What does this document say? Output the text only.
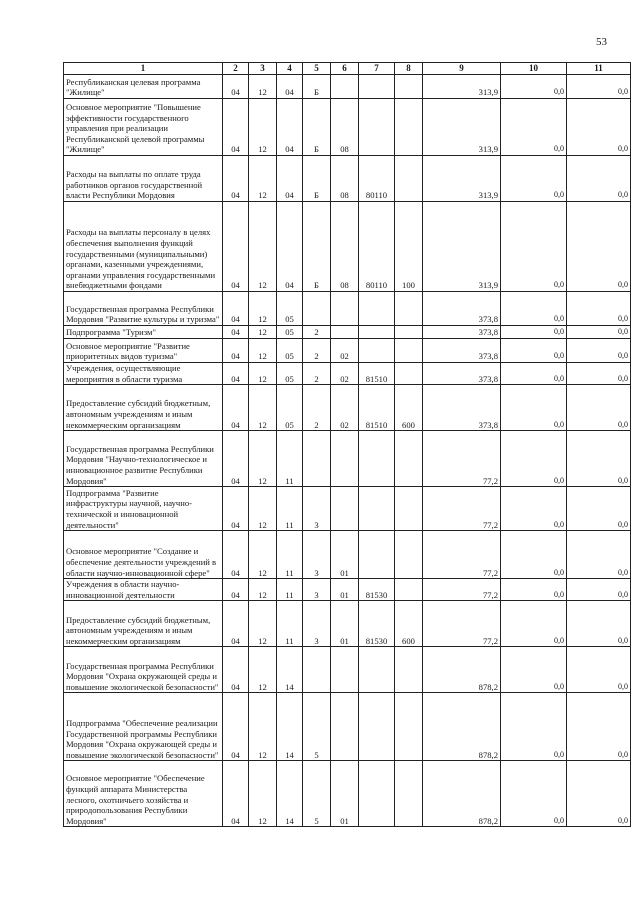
53
1	2	3	4	5	6	7	8	9	10	11
Республиканская целевая программа "Жилище"	04	12	04	Б				313,9	0,0	0,0
Основное мероприятие "Повышение эффективности государственного управления при реализации Республиканской целевой программы "Жилище"	04	12	04	Б	08			313,9	0,0	0,0
Расходы на выплаты по оплате труда работников органов государственной власти Республики Мордовия	04	12	04	Б	08	80110		313,9	0,0	0,0
Расходы на выплаты персоналу в целях обеспечения выполнения функций государственными (муниципальными) органами, казенными учреждениями, органами управления государственными внебюджетными фондами	04	12	04	Б	08	80110	100	313,9	0,0	0,0
Государственная программа Республики Мордовия "Развитие культуры и туризма"	04	12	05					373,8	0,0	0,0
Подпрограмма "Туризм"	04	12	05	2				373,8	0,0	0,0
Основное мероприятие "Развитие приоритетных видов туризма"	04	12	05	2	02			373,8	0,0	0,0
Учреждения, осуществляющие мероприятия в области туризма	04	12	05	2	02	81510		373,8	0,0	0,0
Предоставление субсидий бюджетным, автономным учреждениям и иным некоммерческим организациям	04	12	05	2	02	81510	600	373,8	0,0	0,0
Государственная программа Республики Мордовия "Научно-технологическое и инновационное развитие Республики Мордовия"	04	12	11					77,2	0,0	0,0
Подпрограмма "Развитие инфраструктуры научной, научно-технической и инновационной деятельности"	04	12	11	3				77,2	0,0	0,0
Основное мероприятие "Создание и обеспечение деятельности учреждений в области научно-инновационной сфере"	04	12	11	3	01			77,2	0,0	0,0
Учреждения в области научно-инновационной деятельности	04	12	11	3	01	81530		77,2	0,0	0,0
Предоставление субсидий бюджетным, автономным учреждениям и иным некоммерческим организациям	04	12	11	3	01	81530	600	77,2	0,0	0,0
Государственная программа Республики Мордовия "Охрана окружающей среды и повышение экологической безопасности"	04	12	14					878,2	0,0	0,0
Подпрограмма "Обеспечение реализации Государственной программы Республики Мордовия "Охрана окружающей среды и повышение экологической безопасности"	04	12	14	5				878,2	0,0	0,0
Основное мероприятие "Обеспечение функций аппарата Министерства лесного, охотничьего хозяйства и природопользования Республики Мордовия"	04	12	14	5	01			878,2	0,0	0,0
